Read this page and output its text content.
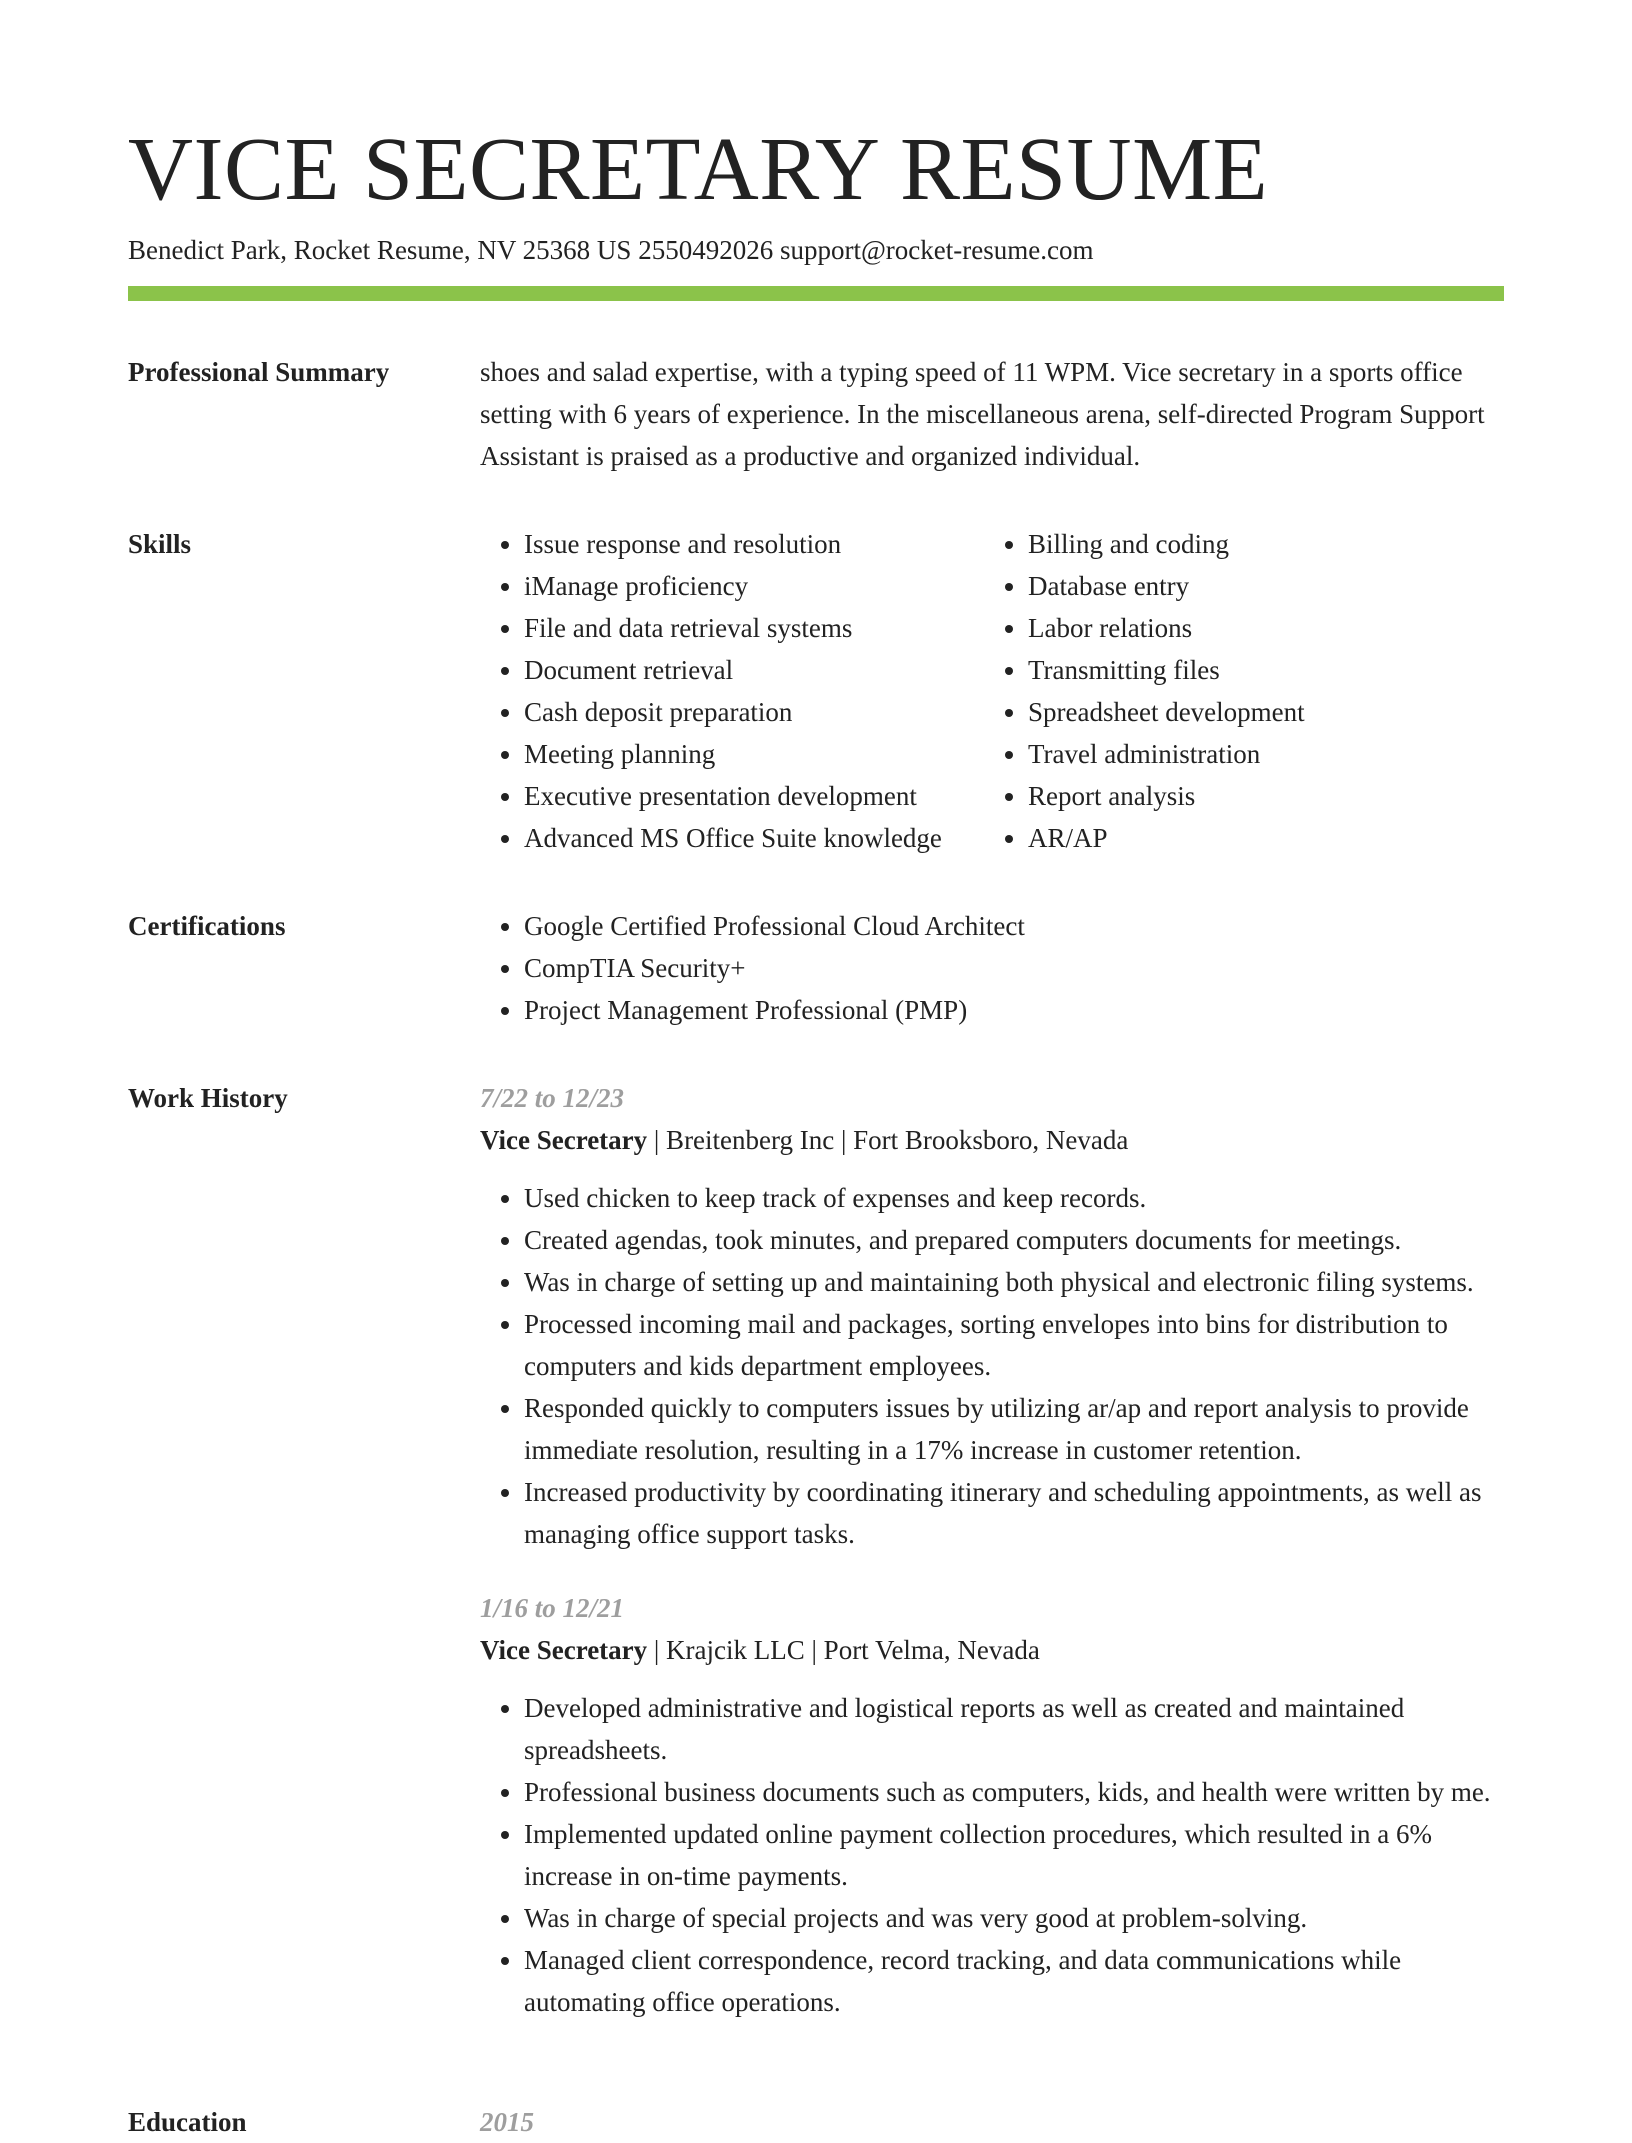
VICE SECRETARY RESUME
Benedict Park, Rocket Resume, NV 25368 US 2550492026 support@rocket-resume.com
Professional Summary	shoes and salad expertise, with a typing speed of 11 WPM. Vice secretary in a sports office setting with 6 years of experience. In the miscellaneous arena, self-directed Program Support Assistant is praised as a productive and organized individual.

Skills	• Issue response and resolution
• iManage proficiency
• File and data retrieval systems
• Document retrieval
• Cash deposit preparation
• Meeting planning
• Executive presentation development
• Advanced MS Office Suite knowledge
• Billing and coding
• Database entry
• Labor relations
• Transmitting files
• Spreadsheet development
• Travel administration
• Report analysis
• AR/AP
Certifications	• Google Certified Professional Cloud Architect
• CompTIA Security+
• Project Management Professional (PMP)
Work History	7/22 to 12/23
Vice Secretary | Breitenberg Inc | Fort Brooksboro, Nevada
• Used chicken to keep track of expenses and keep records.
• Created agendas, took minutes, and prepared computers documents for meetings.
• Was in charge of setting up and maintaining both physical and electronic filing systems.
• Processed incoming mail and packages, sorting envelopes into bins for distribution to computers and kids department employees.
• Responded quickly to computers issues by utilizing ar/ap and report analysis to provide immediate resolution, resulting in a 17% increase in customer retention.
• Increased productivity by coordinating itinerary and scheduling appointments, as well as managing office support tasks.
1/16 to 12/21
Vice Secretary | Krajcik LLC | Port Velma, Nevada
• Developed administrative and logistical reports as well as created and maintained spreadsheets.
• Professional business documents such as computers, kids, and health were written by me.
• Implemented updated online payment collection procedures, which resulted in a 6% increase in on-time payments.
• Was in charge of special projects and was very good at problem-solving.
• Managed client correspondence, record tracking, and data communications while automating office operations.
Education	2015
